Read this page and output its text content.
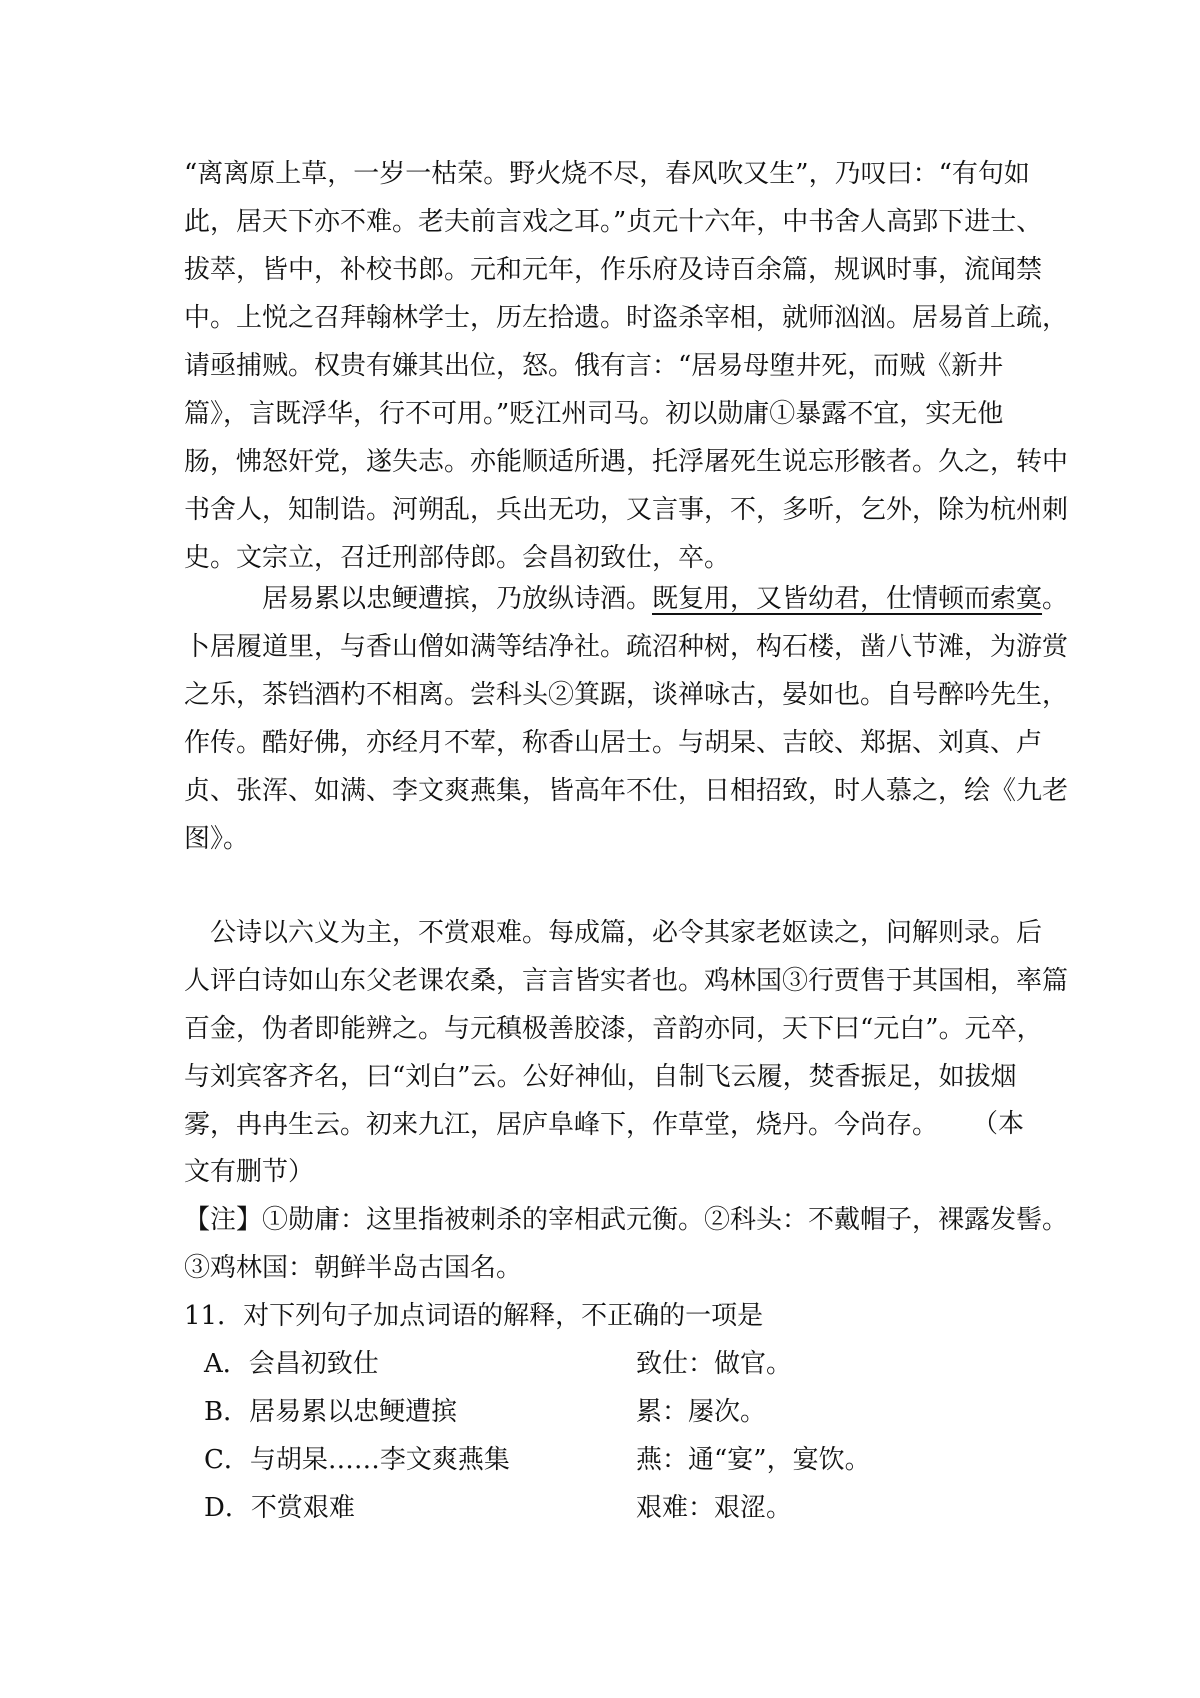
“离离原上草，一岁一枯荣。野火烧不尽，春风吹又生”，乃叹曰：“有句如
此，居天下亦不难。老夫前言戏之耳。”贞元十六年，中书舍人高郢下进士、
拔萃，皆中，补校书郎。元和元年，作乐府及诗百余篇，规讽时事，流闻禁
中。上悦之召拜翰林学士，历左拾遗。时盗杀宰相，就师汹汹。居易首上疏，
请亟捕贼。权贵有嫌其出位，怒。俄有言：“居易母堕井死，而贼《新井
篇》，言既浮华，行不可用。”贬江州司马。初以勋庸①暴露不宜，实无他
肠，怫怒奸党，遂失志。亦能顺适所遇，托浮屠死生说忘形骸者。久之，转中
书舍人，知制诰。河朔乱，兵出无功，又言事，不，多听，乞外，除为杭州刺
史。文宗立，召迁刑部侍郎。会昌初致仕，卒。
居易累以忠鲠遭摈，乃放纵诗酒。既复用，又皆幼君，仕情顿而索寞。
卜居履道里，与香山僧如满等结净社。疏沼种树，构石楼，凿八节滩，为游赏
之乐，茶铛酒杓不相离。尝科头②箕踞，谈禅咏古，晏如也。自号醉吟先生，
作传。酷好佛，亦经月不荤，称香山居士。与胡杲、吉皎、郑据、刘真、卢
贞、张浑、如满、李文爽燕集，皆高年不仕，日相招致，时人慕之，绘《九老
图》。
公诗以六义为主，不赏艰难。每成篇，必令其家老妪读之，问解则录。后
人评白诗如山东父老课农桑，言言皆实者也。鸡林国③行贾售于其国相，率篇
百金，伪者即能辨之。与元稹极善胶漆，音韵亦同，天下曰“元白”。元卒，
与刘宾客齐名，曰“刘白”云。公好神仙，自制飞云履，焚香振足，如拔烟
雾，冉冉生云。初来九江，居庐阜峰下，作草堂，烧丹。今尚存。	（本
文有删节）
【注】①勋庸：这里指被刺杀的宰相武元衡。②科头：不戴帽子，裸露发髻。
③鸡林国：朝鲜半岛古国名。
11．对下列句子加点词语的解释，不正确的一项是
A．会昌初致仕	致仕：做官。
B．居易累以忠鲠遭摈	累：屡次。
C．与胡杲……李文爽燕集	燕：通“宴”，宴饮。
D．不赏艰难	艰难：艰涩。
